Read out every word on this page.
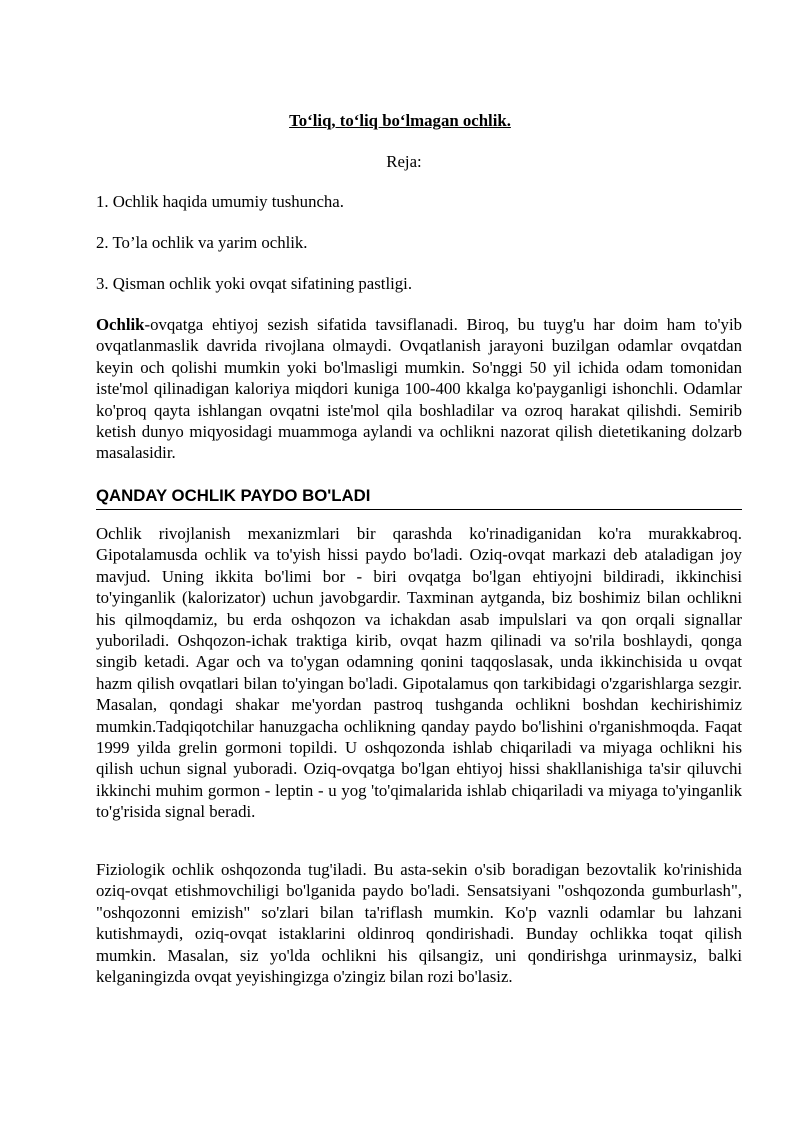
To‘liq, to‘liq bo‘lmagan ochlik.

Reja:

1. Ochlik haqida umumiy tushuncha.

2. To’la ochlik va yarim ochlik.

3. Qisman ochlik yoki ovqat sifatining pastligi.

Ochlik-ovqatga ehtiyoj sezish sifatida tavsiflanadi. Biroq, bu tuyg'u har doim ham to'yib ovqatlanmaslik davrida rivojlana olmaydi. Ovqatlanish jarayoni buzilgan odamlar ovqatdan keyin och qolishi mumkin yoki bo'lmasligi mumkin. So'nggi 50 yil ichida odam tomonidan iste'mol qilinadigan kaloriya miqdori kuniga 100-400 kkalga ko'payganligi ishonchli. Odamlar ko'proq qayta ishlangan ovqatni iste'mol qila boshladilar va ozroq harakat qilishdi. Semirib ketish dunyo miqyosidagi muammoga aylandi va ochlikni nazorat qilish dietetikaning dolzarb masalasidir.

QANDAY OCHLIK PAYDO BO'LADI

Ochlik rivojlanish mexanizmlari bir qarashda ko'rinadiganidan ko'ra murakkabroq. Gipotalamusda ochlik va to'yish hissi paydo bo'ladi. Oziq-ovqat markazi deb ataladigan joy mavjud. Uning ikkita bo'limi bor - biri ovqatga bo'lgan ehtiyojni bildiradi, ikkinchisi to'yinganlik (kalorizator) uchun javobgardir. Taxminan aytganda, biz boshimiz bilan ochlikni his qilmoqdamiz, bu erda oshqozon va ichakdan asab impulslari va qon orqali signallar yuboriladi. Oshqozon-ichak traktiga kirib, ovqat hazm qilinadi va so'rila boshlaydi, qonga singib ketadi. Agar och va to'ygan odamning qonini taqqoslasak, unda ikkinchisida u ovqat hazm qilish ovqatlari bilan to'yingan bo'ladi. Gipotalamus qon tarkibidagi o'zgarishlarga sezgir. Masalan, qondagi shakar me'yordan pastroq tushganda ochlikni boshdan kechirishimiz mumkin.Tadqiqotchilar hanuzgacha ochlikning qanday paydo bo'lishini o'rganishmoqda. Faqat 1999 yilda grelin gormoni topildi. U oshqozonda ishlab chiqariladi va miyaga ochlikni his qilish uchun signal yuboradi. Oziq-ovqatga bo'lgan ehtiyoj hissi shakllanishiga ta'sir qiluvchi ikkinchi muhim gormon - leptin - u yog 'to'qimalarida ishlab chiqariladi va miyaga to'yinganlik to'g'risida signal beradi.

Fiziologik ochlik oshqozonda tug'iladi. Bu asta-sekin o'sib boradigan bezovtalik ko'rinishida oziq-ovqat etishmovchiligi bo'lganida paydo bo'ladi. Sensatsiyani "oshqozonda gumburlash", "oshqozonni emizish" so'zlari bilan ta'riflash mumkin. Ko'p vaznli odamlar bu lahzani kutishmaydi, oziq-ovqat istaklarini oldinroq qondirishadi. Bunday ochlikka toqat qilish mumkin. Masalan, siz yo'lda ochlikni his qilsangiz, uni qondirishga urinmaysiz, balki kelganingizda ovqat yeyishingizga o'zingiz bilan rozi bo'lasiz.
